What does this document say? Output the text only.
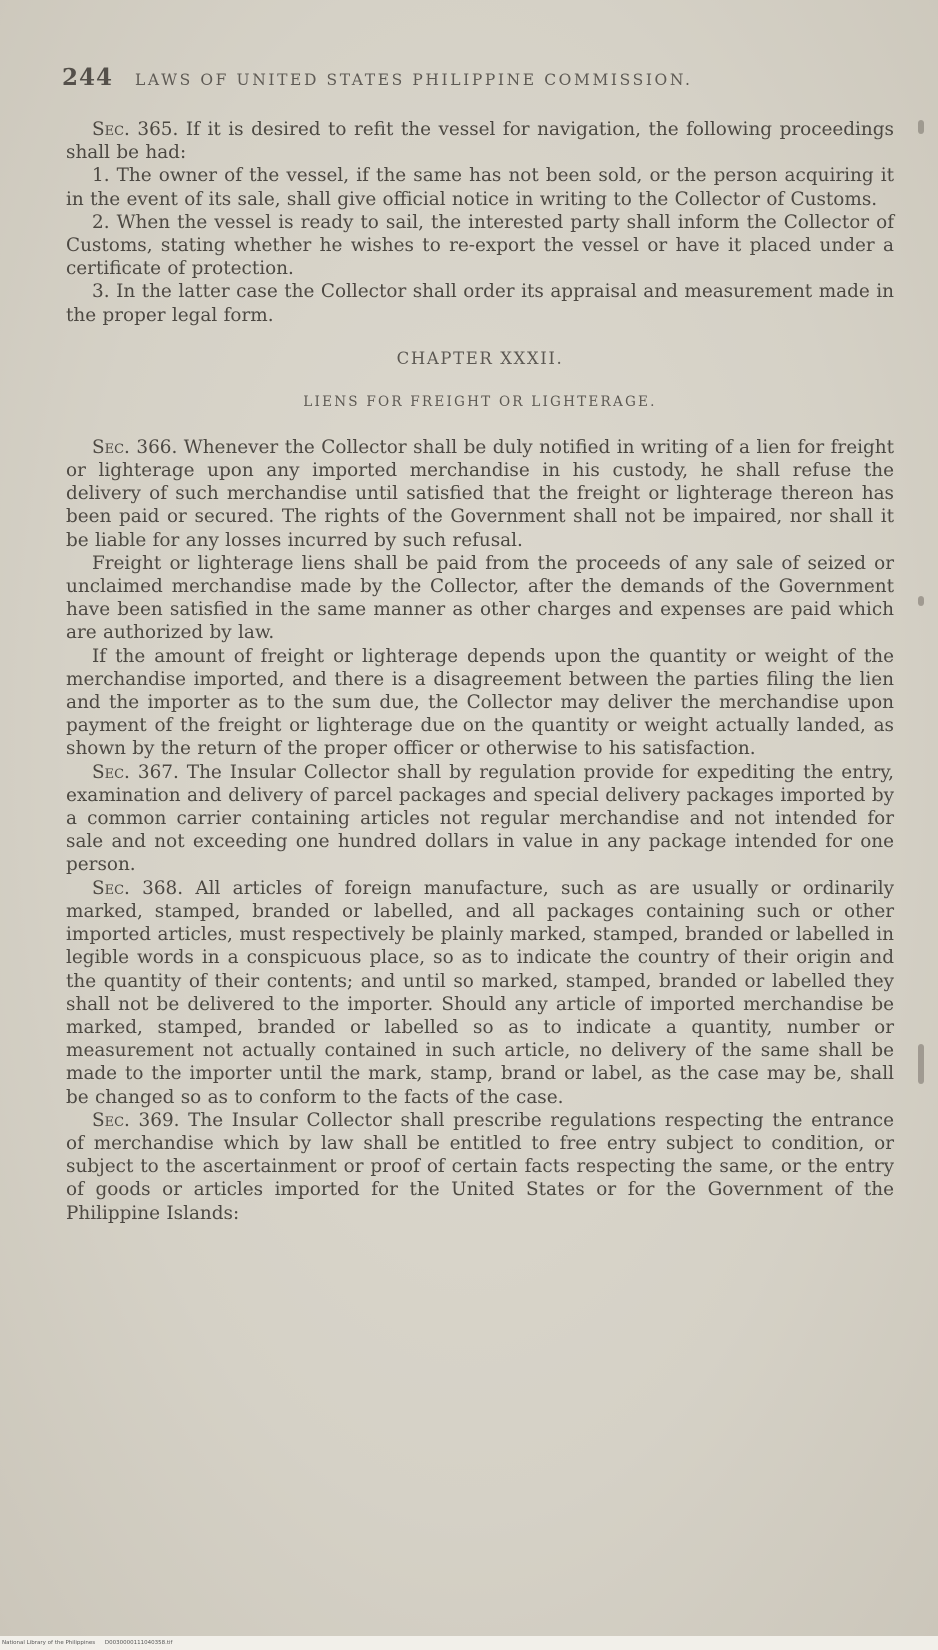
244 LAWS OF UNITED STATES PHILIPPINE COMMISSION.

Sec. 365. If it is desired to refit the vessel for navigation, the following proceedings shall be had:

1. The owner of the vessel, if the same has not been sold, or the person acquiring it in the event of its sale, shall give official notice in writing to the Collector of Customs.

2. When the vessel is ready to sail, the interested party shall inform the Collector of Customs, stating whether he wishes to re-export the vessel or have it placed under a certificate of protection.

3. In the latter case the Collector shall order its appraisal and measurement made in the proper legal form.

CHAPTER XXXII.

LIENS FOR FREIGHT OR LIGHTERAGE.

Sec. 366. Whenever the Collector shall be duly notified in writing of a lien for freight or lighterage upon any imported merchandise in his custody, he shall refuse the delivery of such merchandise until satisfied that the freight or lighterage thereon has been paid or secured. The rights of the Government shall not be impaired, nor shall it be liable for any losses incurred by such refusal.

Freight or lighterage liens shall be paid from the proceeds of any sale of seized or unclaimed merchandise made by the Collector, after the demands of the Government have been satisfied in the same manner as other charges and expenses are paid which are authorized by law.

If the amount of freight or lighterage depends upon the quantity or weight of the merchandise imported, and there is a disagreement between the parties filing the lien and the importer as to the sum due, the Collector may deliver the merchandise upon payment of the freight or lighterage due on the quantity or weight actually landed, as shown by the return of the proper officer or otherwise to his satisfaction.

Sec. 367. The Insular Collector shall by regulation provide for expediting the entry, examination and delivery of parcel packages and special delivery packages imported by a common carrier containing articles not regular merchandise and not intended for sale and not exceeding one hundred dollars in value in any package intended for one person.

Sec. 368. All articles of foreign manufacture, such as are usually or ordinarily marked, stamped, branded or labelled, and all packages containing such or other imported articles, must respectively be plainly marked, stamped, branded or labelled in legible words in a conspicuous place, so as to indicate the country of their origin and the quantity of their contents; and until so marked, stamped, branded or labelled they shall not be delivered to the importer. Should any article of imported merchandise be marked, stamped, branded or labelled so as to indicate a quantity, number or measurement not actually contained in such article, no delivery of the same shall be made to the importer until the mark, stamp, brand or label, as the case may be, shall be changed so as to conform to the facts of the case.

Sec. 369. The Insular Collector shall prescribe regulations respecting the entrance of merchandise which by law shall be entitled to free entry subject to condition, or subject to the ascertainment or proof of certain facts respecting the same, or the entry of goods or articles imported for the United States or for the Government of the Philippine Islands:

National Library of the Philippines D0030000111040358.tif
